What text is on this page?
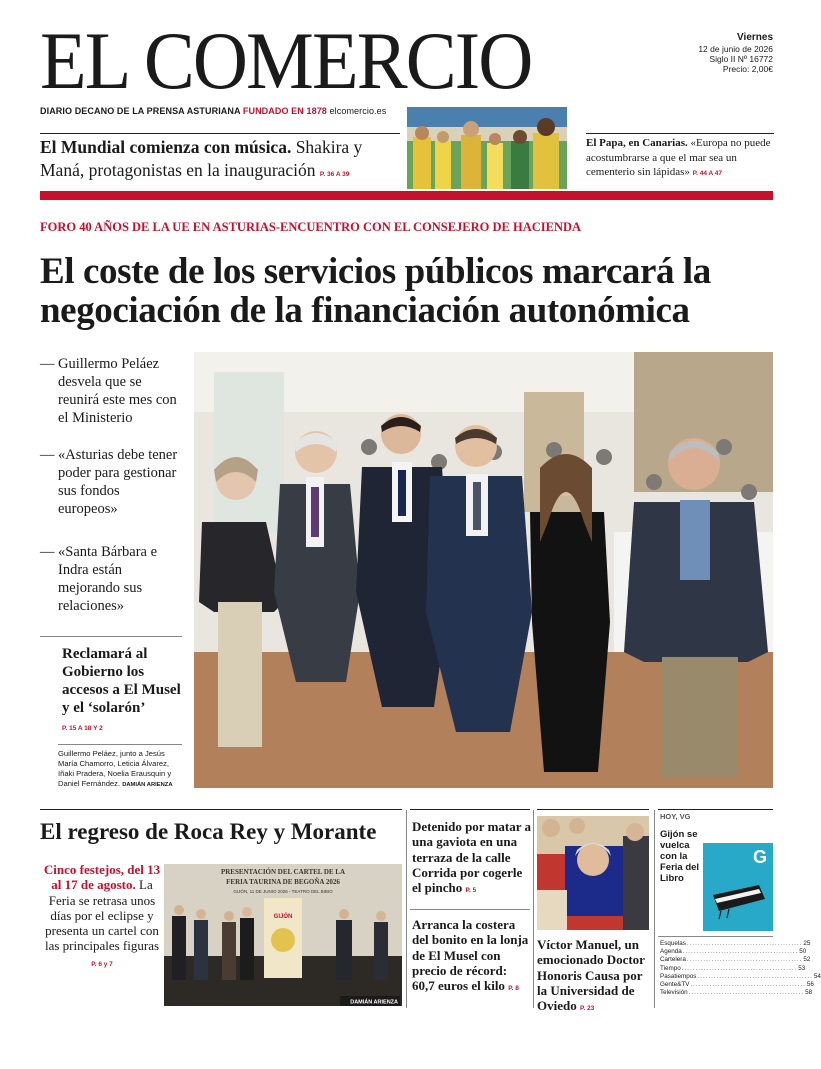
EL COMERCIO	Viernes
12 de junio de 2026
Siglo II Nº 16772
Precio: 2,00€
DIARIO DECANO DE LA PRENSA ASTURIANA FUNDADO EN 1878 elcomercio.es
El Mundial comienza con música. Shakira y Maná, protagonistas en la inauguración P. 36 A 39
El Papa, en Canarias. «Europa no puede acostumbrarse a que el mar sea un cementerio sin lápidas» P. 44 A 47
FORO 40 AÑOS DE LA UE EN ASTURIAS-ENCUENTRO CON EL CONSEJERO DE HACIENDA
El coste de los servicios públicos marcará la negociación de la financiación autonómica
— Guillermo Peláez desvela que se reunirá este mes con el Ministerio
— «Asturias debe tener poder para gestionar sus fondos europeos»
— «Santa Bárbara e Indra están mejorando sus relaciones»
Reclamará al Gobierno los accesos a El Musel y el ‘solarón’ P. 15 A 18 Y 2
Guillermo Peláez, junto a Jesús María Chamorro, Leticia Álvarez, Iñaki Pradera, Noelia Erausquin y Daniel Fernández. DAMIÁN ARIENZA
El regreso de Roca Rey y Morante
Cinco festejos, del 13 al 17 de agosto. La Feria se retrasa unos días por el eclipse y presenta un cartel con las principales figuras P. 6 y 7
PRESENTACIÓN DEL CARTEL DE LA
FERIA TAURINA DE BEGOÑA 2026
GIJÓN, 11 DE JUNIO 2026 - TEATRO DEL BIBIO
GIJÓN
DAMIÁN ARIENZA
Detenido por matar a una gaviota en una terraza de la calle Corrida por cogerle el pincho P. 5
Arranca la costera del bonito en la lonja de El Musel con precio de récord: 60,7 euros el kilo P. 8
Víctor Manuel, un emocionado Doctor Honoris Causa por la Universidad de Oviedo P. 23
HOY, VG
Gijón se vuelca con la Feria del Libro
G
Esquelas .......................................... 25
Agenda .......................................... 50
Cartelera .......................................... 52
Tiempo .......................................... 53
Pasatiempos .......................................... 54
Gente&TV .......................................... 56
Televisión .......................................... 58
